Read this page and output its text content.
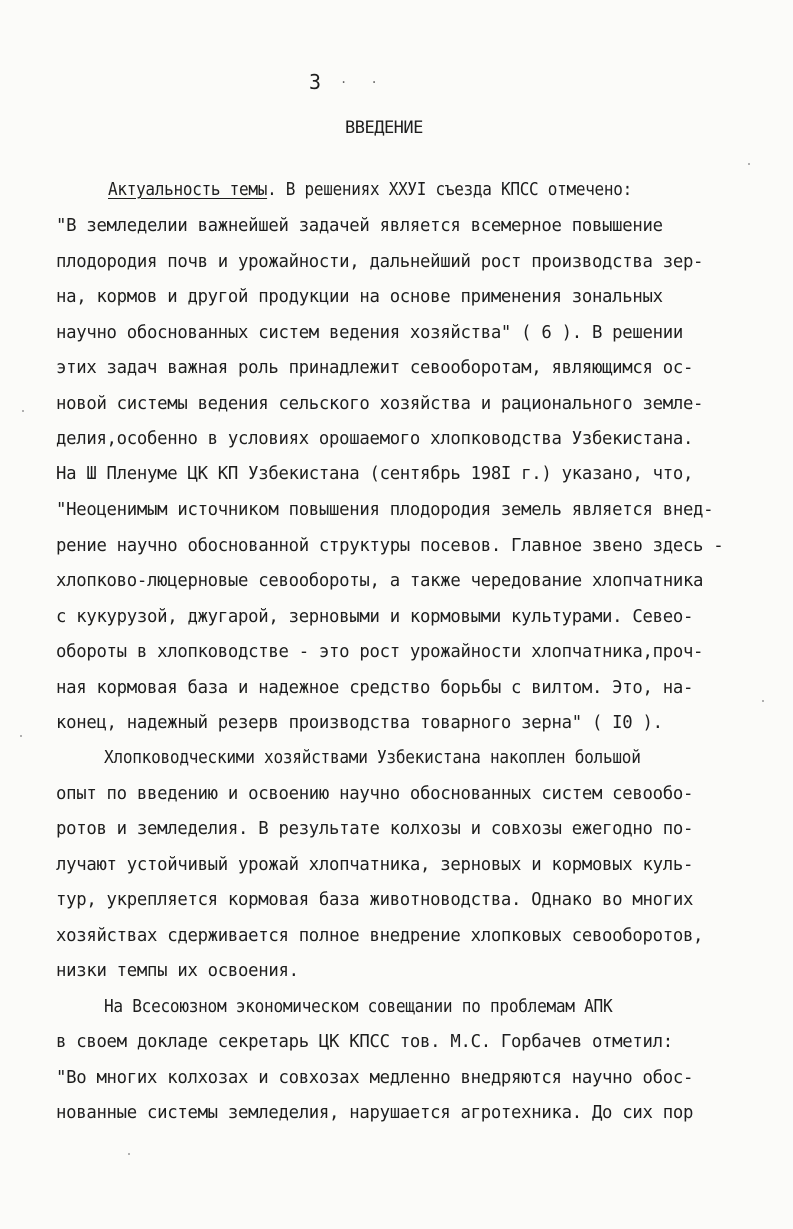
3 . .
ВВЕДЕНИЕ
Актуальность темы. В решениях XXУI съезда КПСС отмечено:
"В земледелии важнейшей задачей является всемерное повышение
плодородия почв и урожайности, дальнейший рост производства зер-
на, кормов и другой продукции на основе применения зональных
научно обоснованных систем ведения хозяйства" ( 6 ). В решении
этих задач важная роль принадлежит севооборотам, являющимся ос-
новой системы ведения сельского хозяйства и рационального земле-
делия,особенно в условиях орошаемого хлопководства Узбекистана.
На Ш Пленуме ЦК КП Узбекистана (сентябрь 198I г.) указано, что,
"Неоценимым источником повышения плодородия земель является внед-
рение научно обоснованной структуры посевов. Главное звено здесь -
хлопково-люцерновые севообороты, а также чередование хлопчатника
с кукурузой, джугарой, зерновыми и кормовыми культурами. Севео-
обороты в хлопководстве - это рост урожайности хлопчатника,проч-
ная кормовая база и надежное средство борьбы с вилтом. Это, на-
конец, надежный резерв производства товарного зерна" ( I0 ).
Хлопководческими хозяйствами Узбекистана накоплен большой
опыт по введению и освоению научно обоснованных систем севообо-
ротов и земледелия. В результате колхозы и совхозы ежегодно по-
лучают устойчивый урожай хлопчатника, зерновых и кормовых куль-
тур, укрепляется кормовая база животноводства. Однако во многих
хозяйствах сдерживается полное внедрение хлопковых севооборотов,
низки темпы их освоения.
На Всесоюзном экономическом совещании по проблемам АПК
в своем докладе секретарь ЦК КПСС тов. М.С. Горбачев отметил:
"Во многих колхозах и совхозах медленно внедряются научно обос-
нованные системы земледелия, нарушается агротехника. До сих пор
